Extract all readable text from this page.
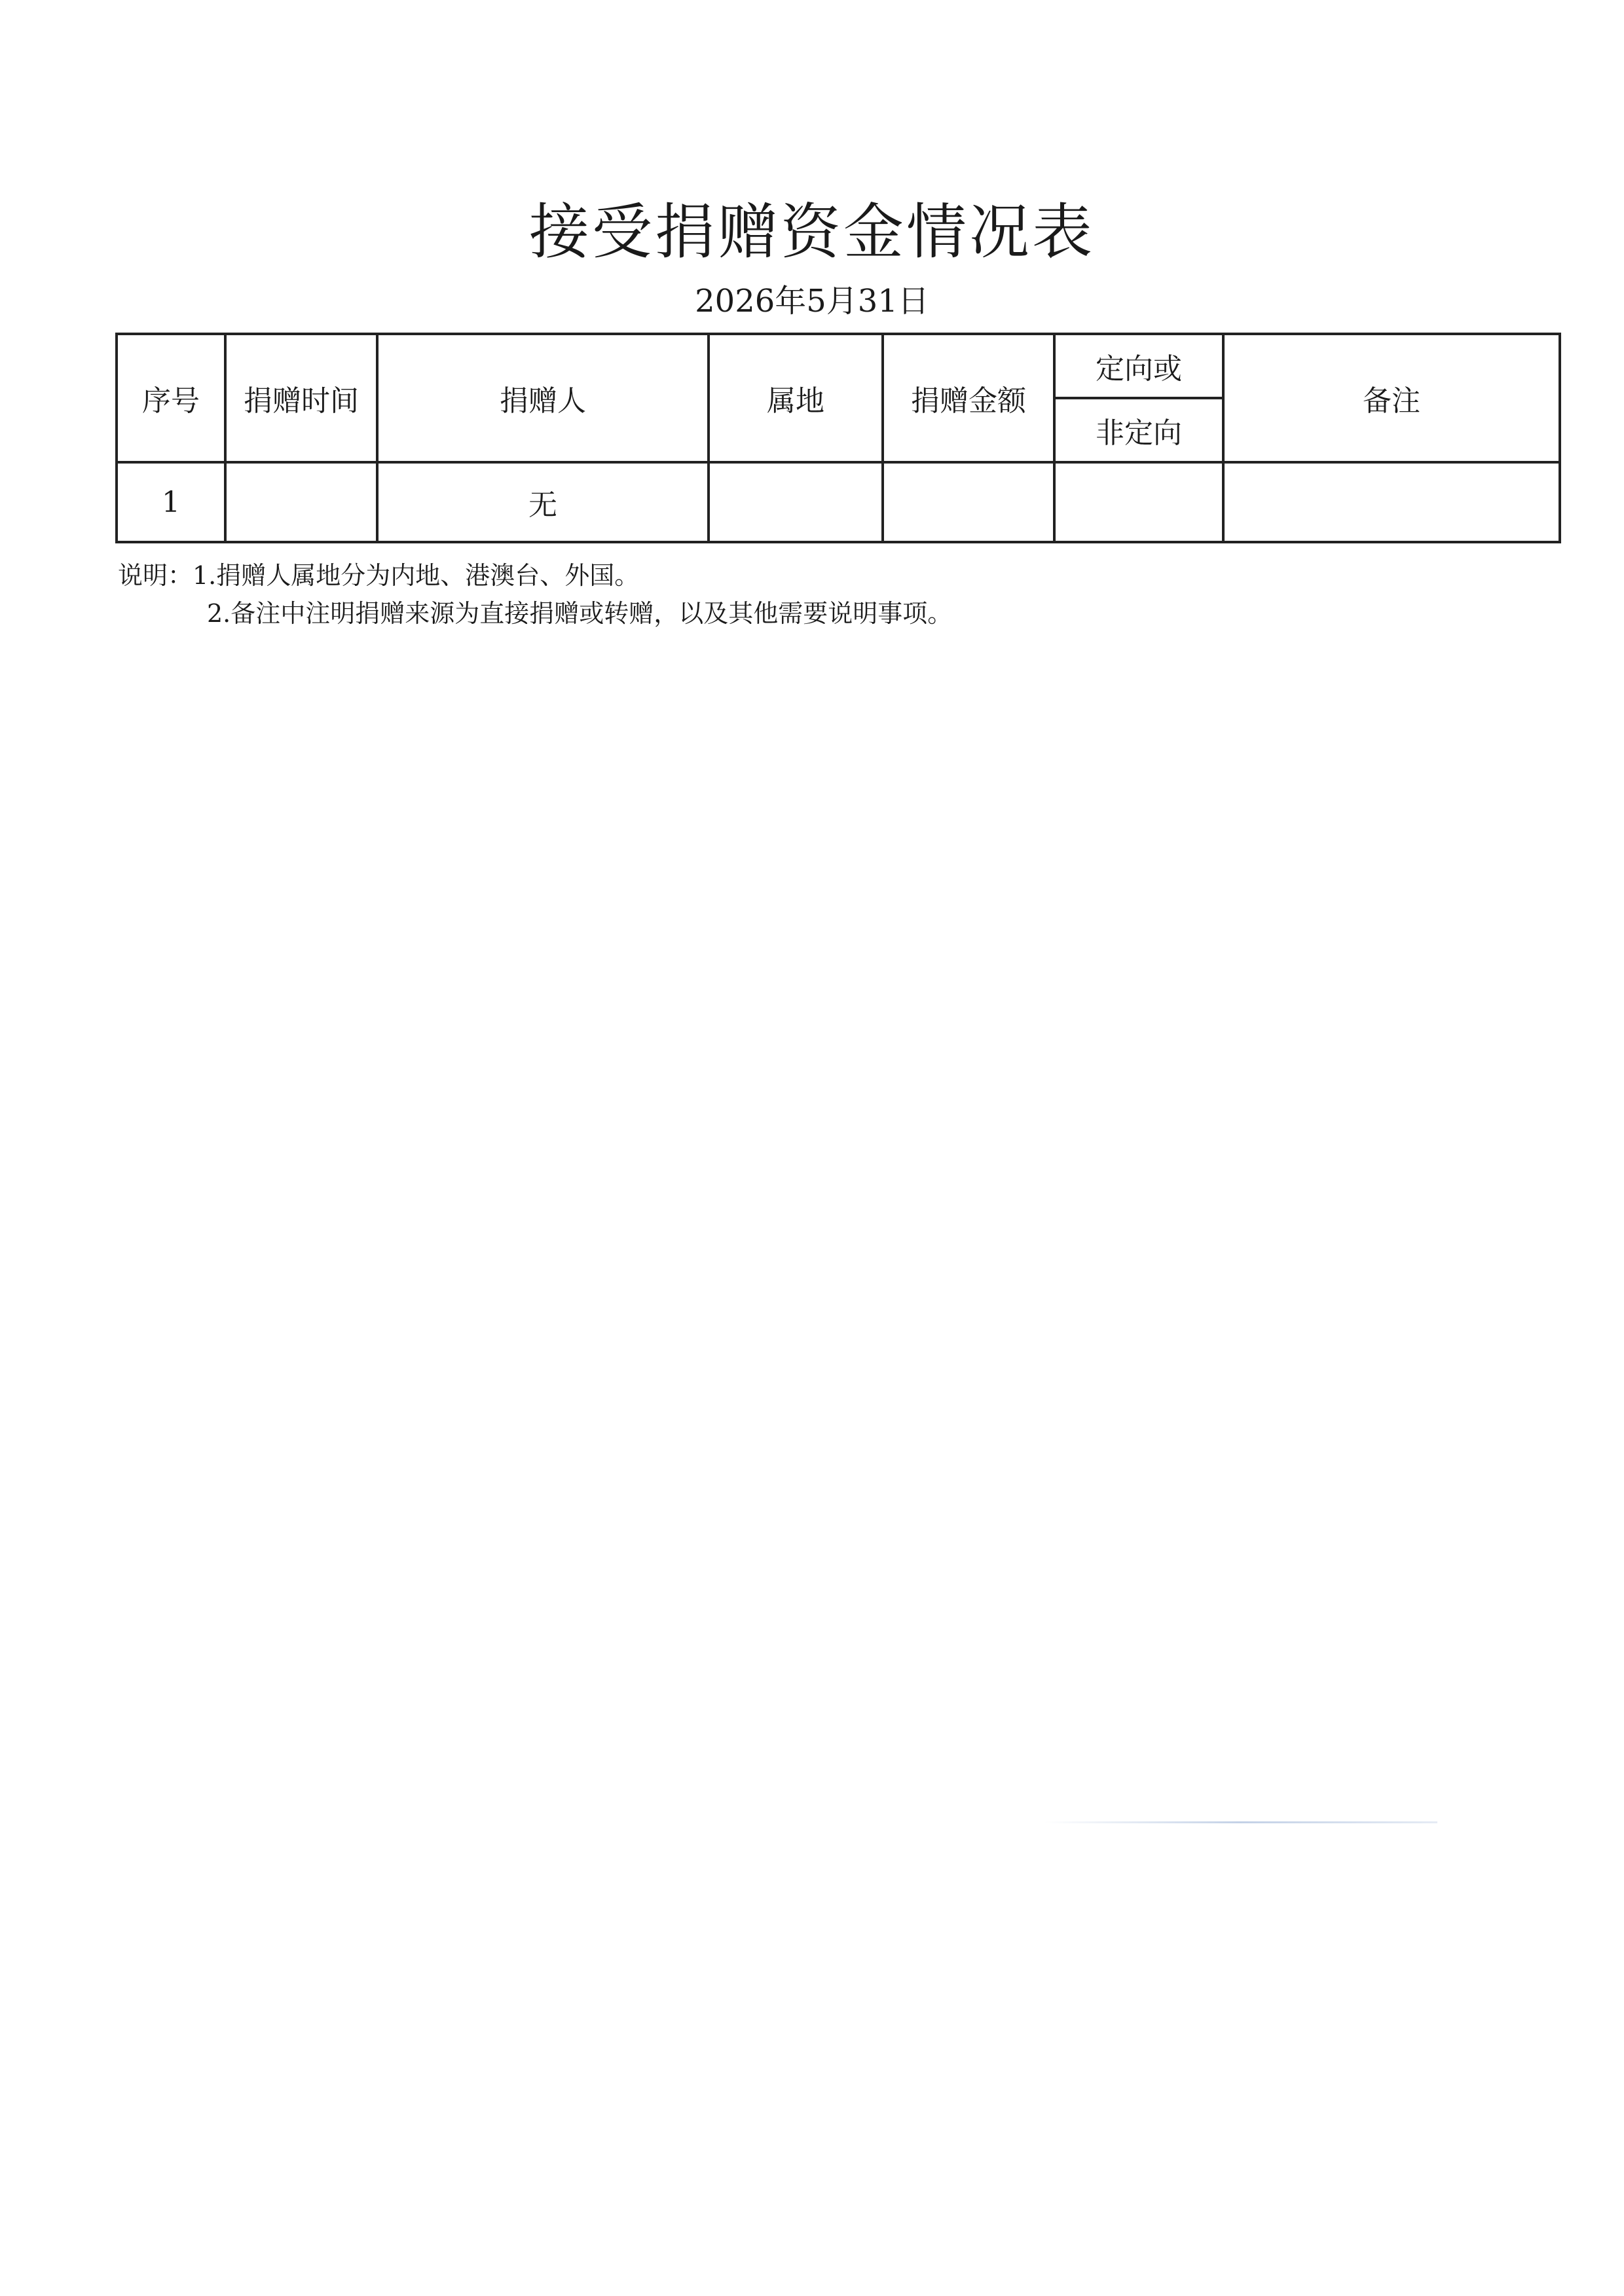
接受捐赠资金情况表
2026年5月31日
序号	捐赠时间	捐赠人	属地	捐赠金额	定向或	备注
					非定向	
1		无				
说明：1.捐赠人属地分为内地、港澳台、外国。
2.备注中注明捐赠来源为直接捐赠或转赠，以及其他需要说明事项。
